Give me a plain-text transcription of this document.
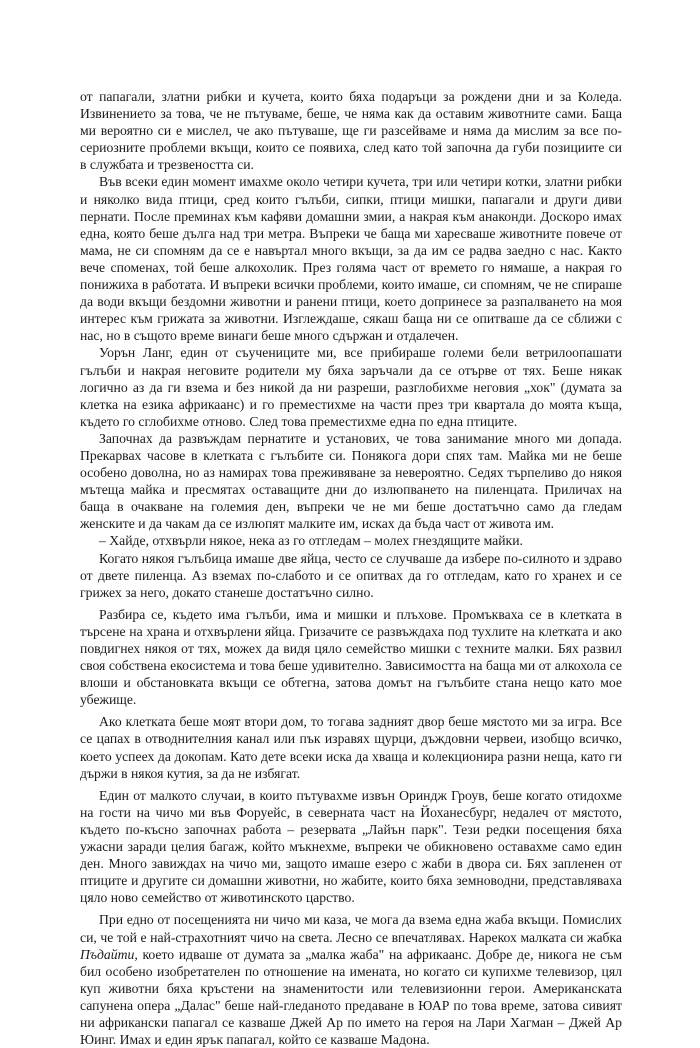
от папагали, златни рибки и кучета, които бяха подаръци за рождени дни и за Коледа. Извинението за това, че не пътуваме, беше, че няма как да оставим животните сами. Баща ми вероятно си е мислел, че ако пътуваше, ще ги разсейваме и няма да мислим за все по-сериозните проблеми вкъщи, които се появиха, след като той започна да губи позициите си в службата и трезвеността си.

Във всеки един момент имахме около четири кучета, три или четири котки, златни рибки и няколко вида птици, сред които гълъби, сипки, птици мишки, папагали и други диви пернати. После преминах към кафяви домашни змии, а накрая към анаконди. Доскоро имах една, която беше дълга над три метра. Въпреки че баща ми харесваше животните повече от мама, не си спомням да се е навъртал много вкъщи, за да им се радва заедно с нас. Както вече споменах, той беше алкохолик. През голяма част от времето го нямаше, а накрая го понижиха в работата. И въпреки всички проблеми, които имаше, си спомням, че не спираше да води вкъщи бездомни животни и ранени птици, което допринесе за разпалването на моя интерес към грижата за животни. Изглеждаше, сякаш баща ни се опитваше да се сближи с нас, но в същото време винаги беше много сдържан и отдалечен.

Уорън Ланг, един от съучениците ми, все прибираше големи бели ветрилоопашати гълъби и накрая неговите родители му бяха заръчали да се отърве от тях. Беше някак логично аз да ги взема и без никой да ни разреши, разглобихме неговия „хок" (думата за клетка на езика африкаанс) и го преместихме на части през три квартала до моята къща, където го сглобихме отново. След това преместихме една по една птиците.

Започнах да развъждам пернатите и установих, че това занимание много ми допада. Прекарвах часове в клетката с гълъбите си. Понякога дори спях там. Майка ми не беше особено доволна, но аз намирах това преживяване за невероятно. Седях търпеливо до някоя мътеща майка и пресмятах оставащите дни до излюпването на пиленцата. Приличах на баща в очакване на големия ден, въпреки че не ми беше достатъчно само да гледам женските и да чакам да се излюпят малките им, исках да бъда част от живота им.

– Хайде, отхвърли някое, нека аз го отгледам – молех гнездящите майки.

Когато някоя гълъбица имаше две яйца, често се случваше да избере по-силното и здраво от двете пиленца. Аз вземах по-слабото и се опитвах да го отгледам, като го хранех и се грижех за него, докато станеше достатъчно силно.

Разбира се, където има гълъби, има и мишки и плъхове. Промъкваха се в клетката в търсене на храна и отхвърлени яйца. Гризачите се развъждаха под тухлите на клетката и ако повдигнех някоя от тях, можех да видя цяло семейство мишки с техните малки. Бях развил своя собствена екосистема и това беше удивително. Зависимостта на баща ми от алкохола се влоши и обстановката вкъщи се обтегна, затова домът на гълъбите стана нещо като мое убежище.

Ако клетката беше моят втори дом, то тогава задният двор беше мястото ми за игра. Все се цапах в отводнителния канал или пък изравях щурци, дъждовни червеи, изобщо всичко, което успеех да докопам. Като дете всеки иска да хваща и колекционира разни неща, като ги държи в някоя кутия, за да не избягат.

Един от малкото случаи, в които пътувахме извън Ориндж Гроув, беше когато отидохме на гости на чичо ми във Форуейс, в северната част на Йоханесбург, недалеч от мястото, където по-късно започнах работа – резервата „Лайън парк". Тези редки посещения бяха ужасни заради целия багаж, който мъкнехме, въпреки че обикновено оставахме само един ден. Много завиждах на чичо ми, защото имаше езеро с жаби в двора си. Бях запленен от птиците и другите си домашни животни, но жабите, които бяха земноводни, представляваха цяло ново семейство от животинското царство.

При едно от посещенията ни чичо ми каза, че мога да взема една жаба вкъщи. Помислих си, че той е най-страхотният чичо на света. Лесно се впечатлявах. Нарекох малката си жабка Пъдайти, което идваше от думата за „малка жаба" на африкаанс. Добре де, никога не съм бил особено изобретателен по отношение на имената, но когато си купихме телевизор, цял куп животни бяха кръстени на знаменитости или телевизионни герои. Американската сапунена опера „Далас" беше най-гледаното предаване в ЮАР по това време, затова сивият ни африкански папагал се казваше Джей Ар по името на героя на Лари Хагман – Джей Ар Юинг. Имах и един ярък папагал, който се казваше Мадона.
